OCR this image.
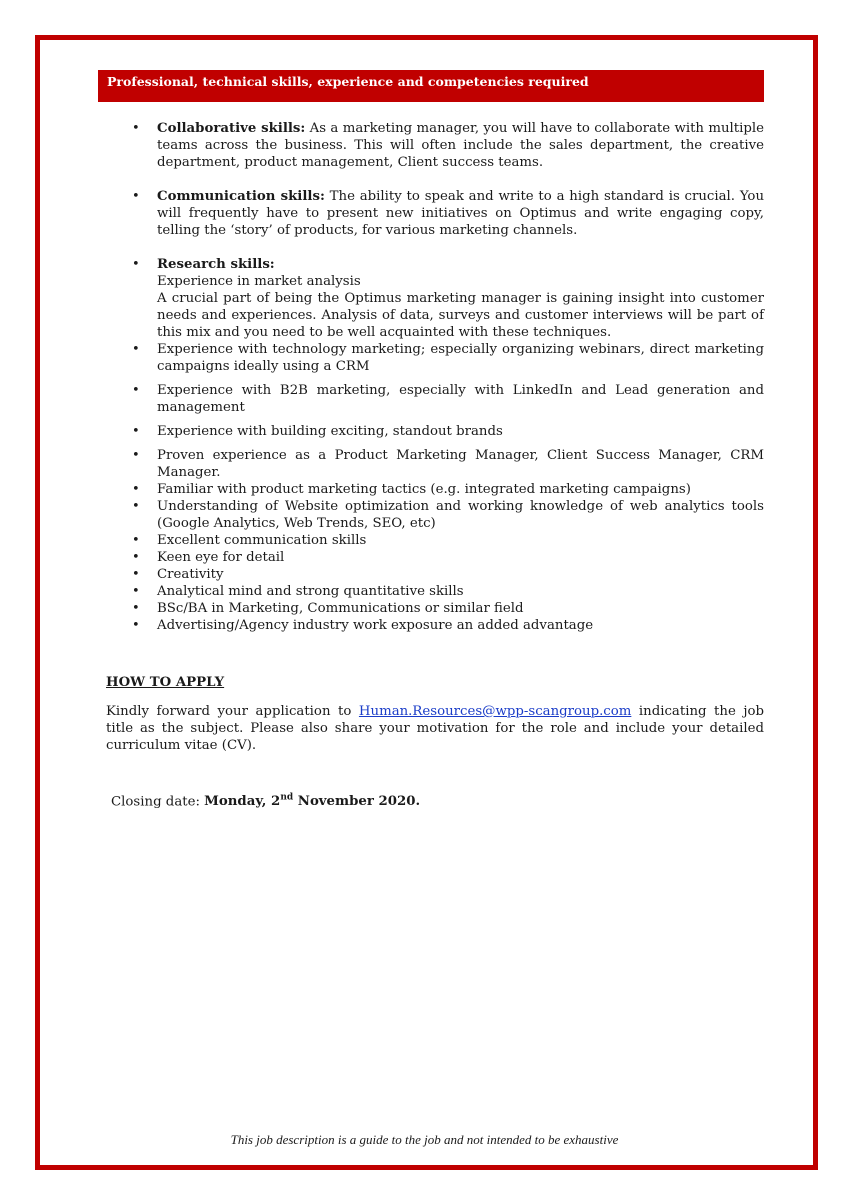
Professional, technical skills, experience and competencies required
• Collaborative skills: As a marketing manager, you will have to collaborate with multiple teams across the business. This will often include the sales department, the creative department, product management, Client success teams.
• Communication skills: The ability to speak and write to a high standard is crucial. You will frequently have to present new initiatives on Optimus and write engaging copy, telling the ‘story’ of products, for various marketing channels.
• Research skills:
Experience in market analysis
A crucial part of being the Optimus marketing manager is gaining insight into customer needs and experiences. Analysis of data, surveys and customer interviews will be part of this mix and you need to be well acquainted with these techniques.
• Experience with technology marketing; especially organizing webinars, direct marketing campaigns ideally using a CRM
• Experience with B2B marketing, especially with LinkedIn and Lead generation and management
• Experience with building exciting, standout brands
• Proven experience as a Product Marketing Manager, Client Success Manager, CRM Manager.
• Familiar with product marketing tactics (e.g. integrated marketing campaigns)
• Understanding of Website optimization and working knowledge of web analytics tools (Google Analytics, Web Trends, SEO, etc)
• Excellent communication skills
• Keen eye for detail
• Creativity
• Analytical mind and strong quantitative skills
• BSc/BA in Marketing, Communications or similar field
• Advertising/Agency industry work exposure an added advantage
HOW TO APPLY
Kindly forward your application to Human.Resources@wpp-scangroup.com indicating the job title as the subject. Please also share your motivation for the role and include your detailed curriculum vitae (CV).
Closing date: Monday, 2nd November 2020.
This job description is a guide to the job and not intended to be exhaustive
